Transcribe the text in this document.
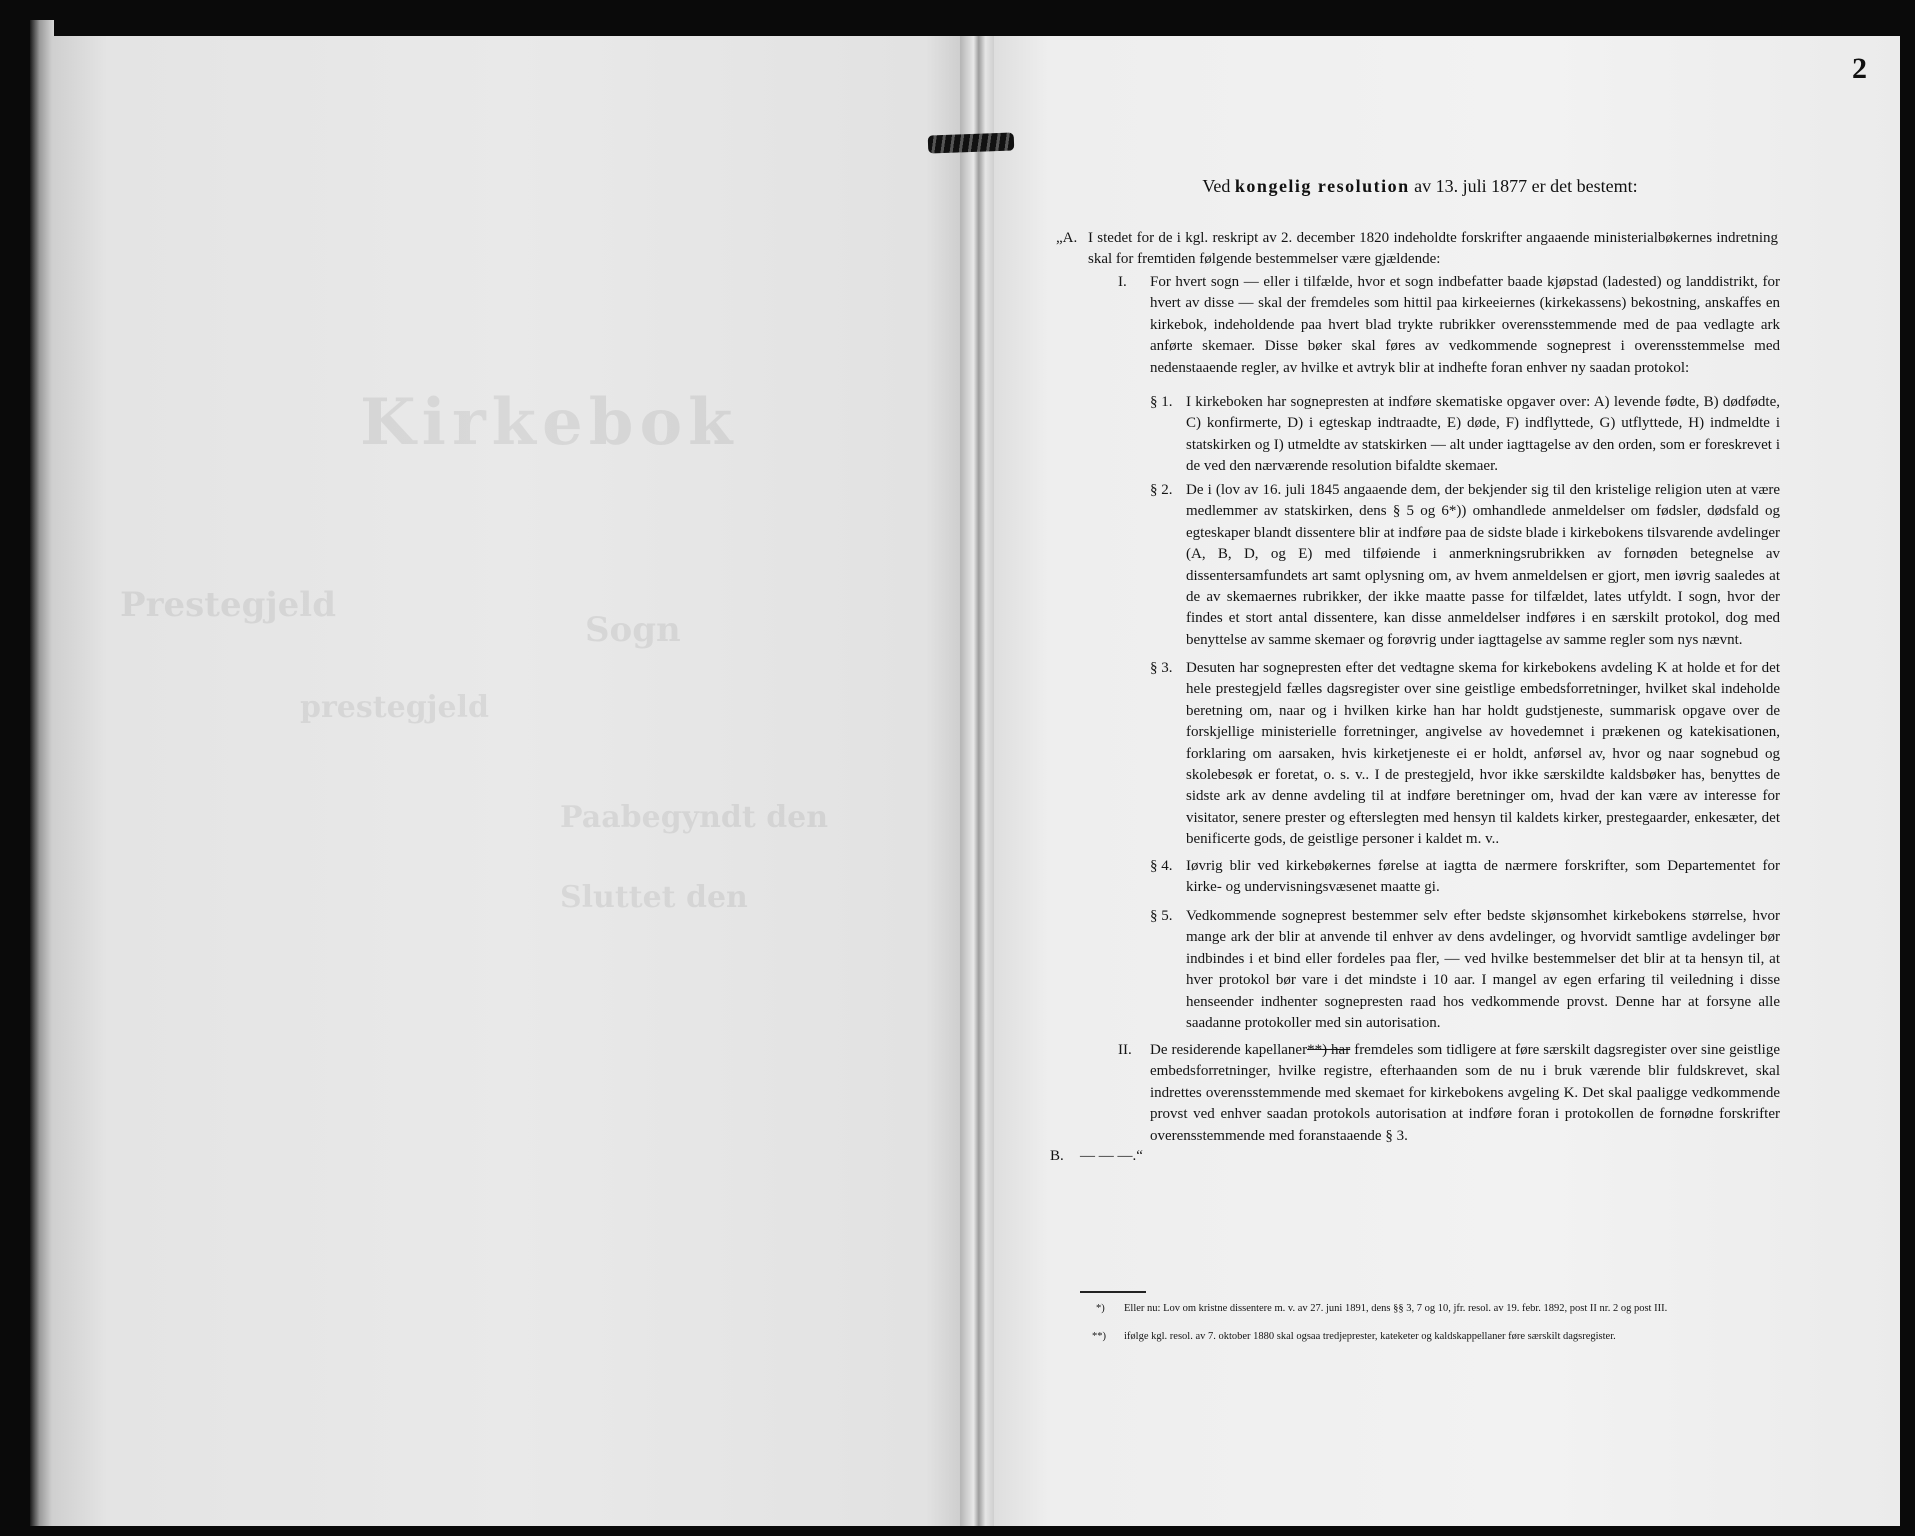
Kirkebok
Prestegjeld
Sogn
prestegjeld
Paabegyndt den
Sluttet den
2
Ved kongelig resolution av 13. juli 1877 er det bestemt:
„A. I stedet for de i kgl. reskript av 2. december 1820 indeholdte forskrifter angaaende ministerialbøkernes indretning skal for fremtiden følgende bestemmelser være gjældende:
I. For hvert sogn — eller i tilfælde, hvor et sogn indbefatter baade kjøpstad (ladested) og landdistrikt, for hvert av disse — skal der fremdeles som hittil paa kirkeeiernes (kirkekassens) bekostning, anskaffes en kirkebok, indeholdende paa hvert blad trykte rubrikker overensstemmende med de paa vedlagte ark anførte skemaer. Disse bøker skal føres av vedkommende sogneprest i overensstemmelse med nedenstaaende regler, av hvilke et avtryk blir at indhefte foran enhver ny saadan protokol:
§ 1. I kirkeboken har sognepresten at indføre skematiske opgaver over: A) levende fødte, B) dødfødte, C) konfirmerte, D) i egteskap indtraadte, E) døde, F) indflyttede, G) utflyttede, H) indmeldte i statskirken og I) utmeldte av statskirken — alt under iagttagelse av den orden, som er foreskrevet i de ved den nærværende resolution bifaldte skemaer.
§ 2. De i (lov av 16. juli 1845 angaaende dem, der bekjender sig til den kristelige religion uten at være medlemmer av statskirken, dens § 5 og 6*)) omhandlede anmeldelser om fødsler, dødsfald og egteskaper blandt dissentere blir at indføre paa de sidste blade i kirkebokens tilsvarende avdelinger (A, B, D, og E) med tilføiende i anmerkningsrubrikken av fornøden betegnelse av dissentersamfundets art samt oplysning om, av hvem anmeldelsen er gjort, men iøvrig saaledes at de av skemaernes rubrikker, der ikke maatte passe for tilfældet, lates utfyldt. I sogn, hvor der findes et stort antal dissentere, kan disse anmeldelser indføres i en særskilt protokol, dog med benyttelse av samme skemaer og forøvrig under iagttagelse av samme regler som nys nævnt.
§ 3. Desuten har sognepresten efter det vedtagne skema for kirkebokens avdeling K at holde et for det hele prestegjeld fælles dagsregister over sine geistlige embedsforretninger, hvilket skal indeholde beretning om, naar og i hvilken kirke han har holdt gudstjeneste, summarisk opgave over de forskjellige ministerielle forretninger, angivelse av hovedemnet i prækenen og katekisationen, forklaring om aarsaken, hvis kirketjeneste ei er holdt, anførsel av, hvor og naar sognebud og skolebesøk er foretat, o. s. v.. I de prestegjeld, hvor ikke særskildte kaldsbøker has, benyttes de sidste ark av denne avdeling til at indføre beretninger om, hvad der kan være av interesse for visitator, senere prester og efterslegten med hensyn til kaldets kirker, prestegaarder, enkesæter, det benificerte gods, de geistlige personer i kaldet m. v..
§ 4. Iøvrig blir ved kirkebøkernes førelse at iagtta de nærmere forskrifter, som Departementet for kirke- og undervisningsvæsenet maatte gi.
§ 5. Vedkommende sogneprest bestemmer selv efter bedste skjønsomhet kirkebokens størrelse, hvor mange ark der blir at anvende til enhver av dens avdelinger, og hvorvidt samtlige avdelinger bør indbindes i et bind eller fordeles paa fler, — ved hvilke bestemmelser det blir at ta hensyn til, at hver protokol bør vare i det mindste i 10 aar. I mangel av egen erfaring til veiledning i disse henseender indhenter sognepresten raad hos vedkommende provst. Denne har at forsyne alle saadanne protokoller med sin autorisation.
II. De residerende kapellaner**) har fremdeles som tidligere at føre særskilt dagsregister over sine geistlige embedsforretninger, hvilke registre, efterhaanden som de nu i bruk værende blir fuldskrevet, skal indrettes overensstemmende med skemaet for kirkebokens avgeling K. Det skal paaligge vedkommende provst ved enhver saadan protokols autorisation at indføre foran i protokollen de fornødne forskrifter overensstemmende med foranstaaende § 3.
B. — — —.“
*) Eller nu: Lov om kristne dissentere m. v. av 27. juni 1891, dens §§ 3, 7 og 10, jfr. resol. av 19. febr. 1892, post II nr. 2 og post III.
**) ifølge kgl. resol. av 7. oktober 1880 skal ogsaa tredjeprester, kateketer og kaldskappellaner føre særskilt dagsregister.
